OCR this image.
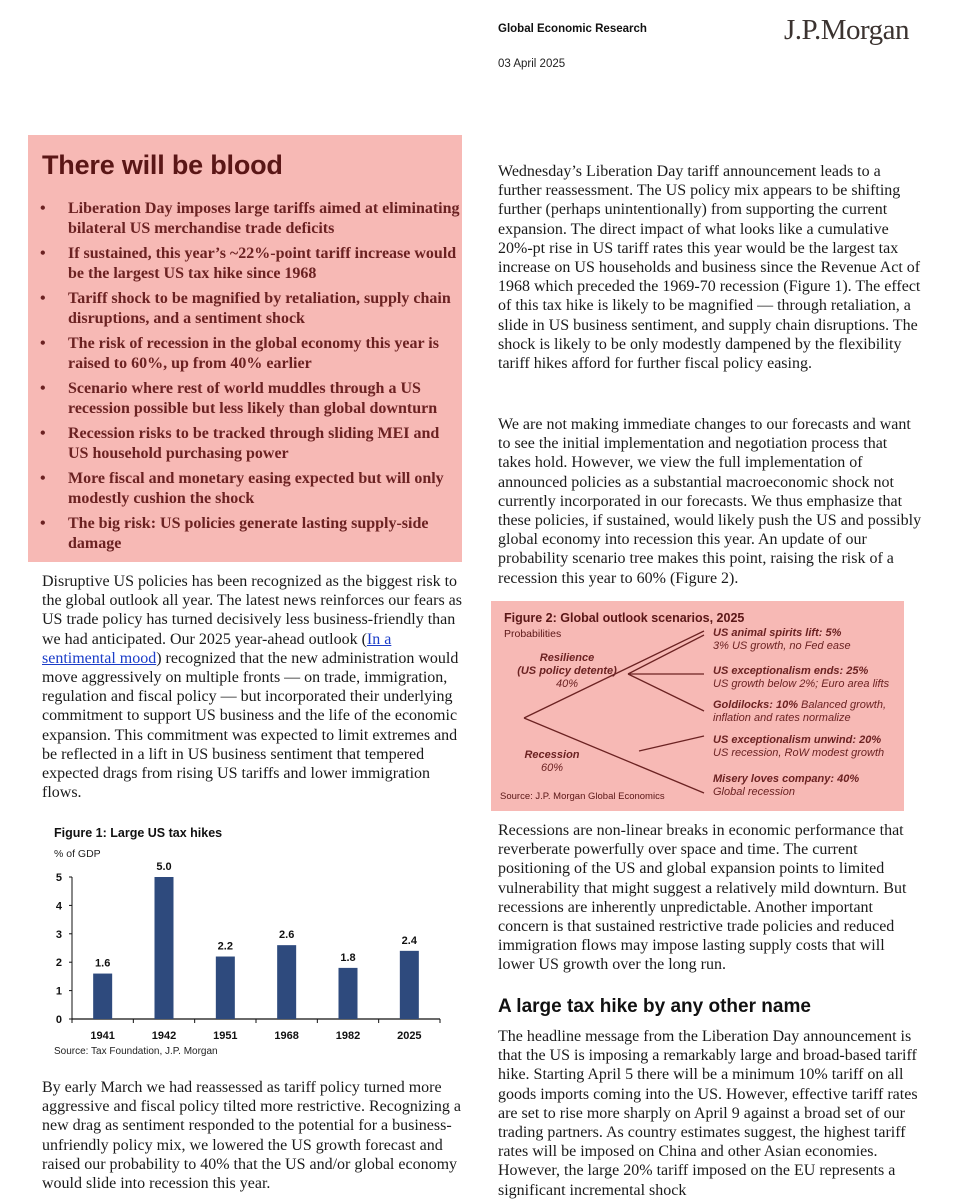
Global Economic Research
03 April 2025
J.P.Morgan
There will be blood
• Liberation Day imposes large tariffs aimed at eliminating bilateral US merchandise trade deficits
• If sustained, this year’s ~22%-point tariff increase would be the largest US tax hike since 1968
• Tariff shock to be magnified by retaliation, supply chain disruptions, and a sentiment shock
• The risk of recession in the global economy this year is raised to 60%, up from 40% earlier
• Scenario where rest of world muddles through a US recession possible but less likely than global downturn
• Recession risks to be tracked through sliding MEI and US household purchasing power
• More fiscal and monetary easing expected but will only modestly cushion the shock
• The big risk: US policies generate lasting supply-side damage

Disruptive US policies has been recognized as the biggest risk to the global outlook all year. The latest news reinforces our fears as US trade policy has turned decisively less business-friendly than we had anticipated. Our 2025 year-ahead outlook (In a sentimental mood) recognized that the new administration would move aggressively on multiple fronts — on trade, immigration, regulation and fiscal policy — but incorporated their underlying commitment to support US business and the life of the economic expansion. This commitment was expected to limit extremes and be reflected in a lift in US business sentiment that tempered expected drags from rising US tariffs and lower immigration flows.

Figure 1: Large US tax hikes
% of GDP
0
1
2
3
4
5
1.6
1941
5.0
1942
2.2
1951
2.6
1968
1.8
1982
2.4
2025
Source: Tax Foundation, J.P. Morgan

By early March we had reassessed as tariff policy turned more aggressive and fiscal policy tilted more restrictive. Recognizing a new drag as sentiment responded to the potential for a business-unfriendly policy mix, we lowered the US growth forecast and raised our probability to 40% that the US and/or global economy would slide into recession this year.

Wednesday’s Liberation Day tariff announcement leads to a further reassessment. The US policy mix appears to be shifting further (perhaps unintentionally) from supporting the current expansion. The direct impact of what looks like a cumulative 20%-pt rise in US tariff rates this year would be the largest tax increase on US households and business since the Revenue Act of 1968 which preceded the 1969-70 recession (Figure 1). The effect of this tax hike is likely to be magnified — through retaliation, a slide in US business sentiment, and supply chain disruptions. The shock is likely to be only modestly dampened by the flexibility tariff hikes afford for further fiscal policy easing.

We are not making immediate changes to our forecasts and want to see the initial implementation and negotiation process that takes hold. However, we view the full implementation of announced policies as a substantial macroeconomic shock not currently incorporated in our forecasts. We thus emphasize that these policies, if sustained, would likely push the US and possibly global economy into recession this year. An update of our probability scenario tree makes this point, raising the risk of a recession this year to 60% (Figure 2).

Figure 2: Global outlook scenarios, 2025
Probabilities
Resilience
(US policy detente)
40%
Recession
60%
US animal spirits lift: 5%
3% US growth, no Fed ease
US exceptionalism ends: 25%
US growth below 2%; Euro area lifts
Goldilocks: 10% Balanced growth,
inflation and rates normalize
US exceptionalism unwind: 20%
US recession, RoW modest growth
Misery loves company: 40%
Global recession
Source: J.P. Morgan Global Economics

Recessions are non-linear breaks in economic performance that reverberate powerfully over space and time. The current positioning of the US and global expansion points to limited vulnerability that might suggest a relatively mild downturn. But recessions are inherently unpredictable. Another important concern is that sustained restrictive trade policies and reduced immigration flows may impose lasting supply costs that will lower US growth over the long run.

A large tax hike by any other name

The headline message from the Liberation Day announcement is that the US is imposing a remarkably large and broad-based tariff hike. Starting April 5 there will be a minimum 10% tariff on all goods imports coming into the US. However, effective tariff rates are set to rise more sharply on April 9 against a broad set of our trading partners. As country estimates suggest, the highest tariff rates will be imposed on China and other Asian economies. However, the large 20% tariff imposed on the EU represents a significant incremental shock
